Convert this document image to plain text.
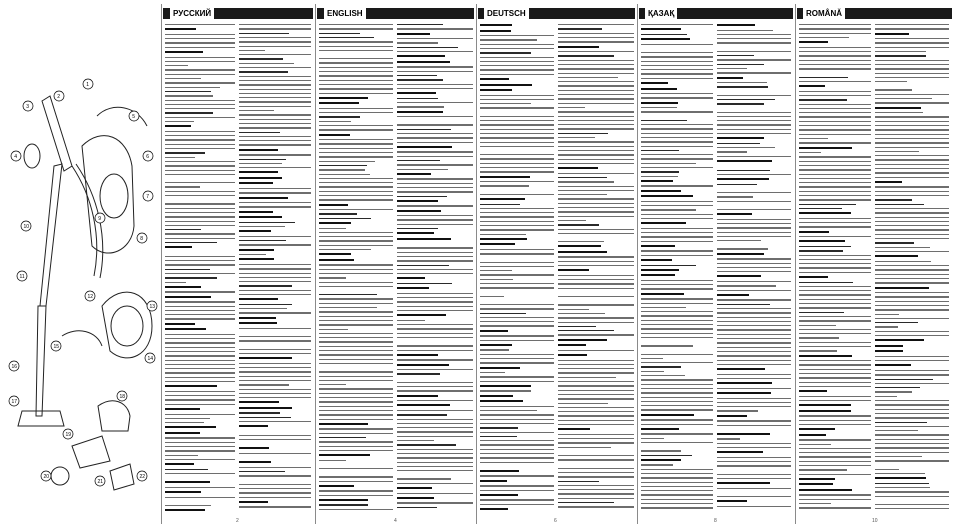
1
2
3
4
5
6
7
8
9
10
11
12
13
14
15
16
17
18
19
20
21
22
РУССКИЙ	ENGLISH	DEUTSCH	ҚАЗАҚ	ROMÂNĂ
2	4	6	8	10
